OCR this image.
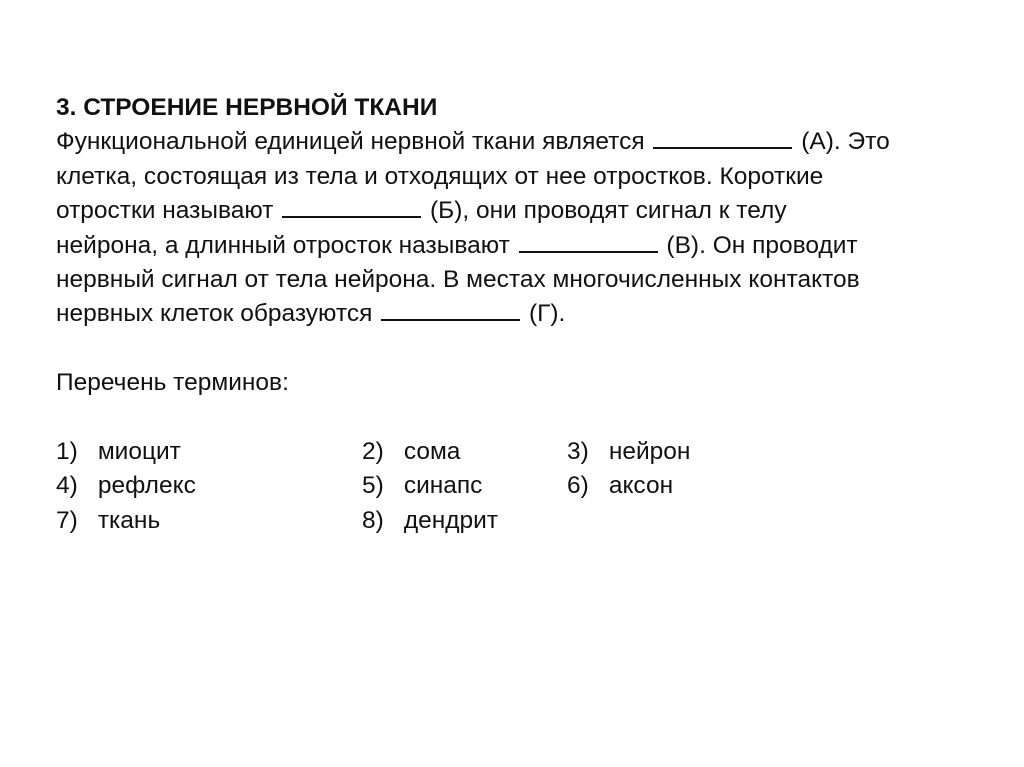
3. СТРОЕНИЕ НЕРВНОЙ ТКАНИ
Функциональной единицей нервной ткани является	(А). Это
клетка, состоящая из тела и отходящих от нее отростков. Короткие
отростки называют	(Б), они проводят сигнал к телу
нейрона, а длинный отросток называют	(В). Он проводит
нервный сигнал от тела нейрона. В местах многочисленных контактов
нервных клеток образуются	(Г).
Перечень терминов:
1) миоцит	2) сома	3) нейрон
4) рефлекс	5) синапс	6) аксон
7) ткань	8) дендрит
